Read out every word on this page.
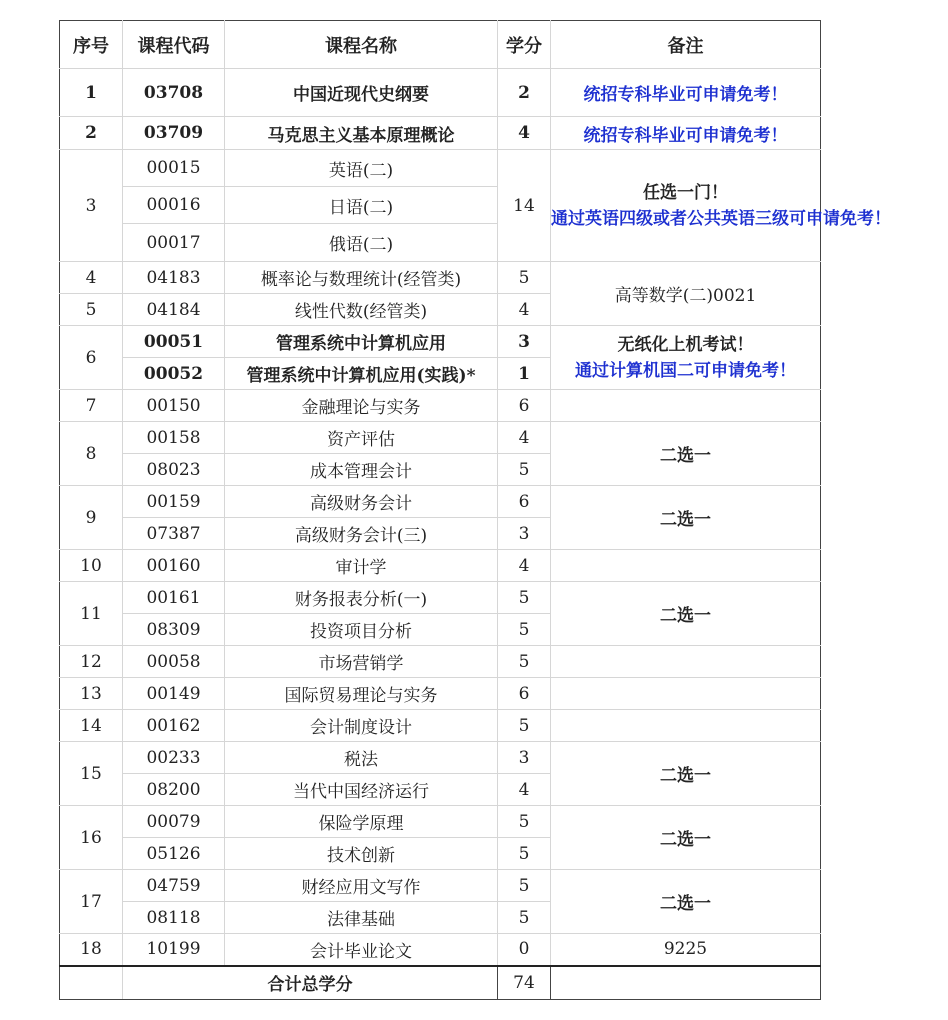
序号	课程代码	课程名称	学分	备注
1	03708	中国近现代史纲要	2	统招专科毕业可申请免考！
2	03709	马克思主义基本原理概论	4	统招专科毕业可申请免考！
3	00015	英语(二)	14	任选一门！
通过英语四级或者公共英语三级可申请免考！

	00016	日语(二)		
	00017	俄语(二)		
4	04183	概率论与数理统计(经管类)	5	高等数学(二)0021
5	04184	线性代数(经管类)	4	
6	00051	管理系统中计算机应用	3	无纸化上机考试！
通过计算机国二可申请免考！

	00052	管理系统中计算机应用(实践)*	1	
7	00150	金融理论与实务	6	
8	00158	资产评估	4	二选一
	08023	成本管理会计	5	
9	00159	高级财务会计	6	二选一
	07387	高级财务会计(三)	3	
10	00160	审计学	4	
11	00161	财务报表分析(一)	5	二选一
	08309	投资项目分析	5	
12	00058	市场营销学	5	
13	00149	国际贸易理论与实务	6	
14	00162	会计制度设计	5	
15	00233	税法	3	二选一
	08200	当代中国经济运行	4	
16	00079	保险学原理	5	二选一
	05126	技术创新	5	
17	04759	财经应用文写作	5	二选一
	08118	法律基础	5	
18	10199	会计毕业论文	0	9225
	合计总学分		74	
